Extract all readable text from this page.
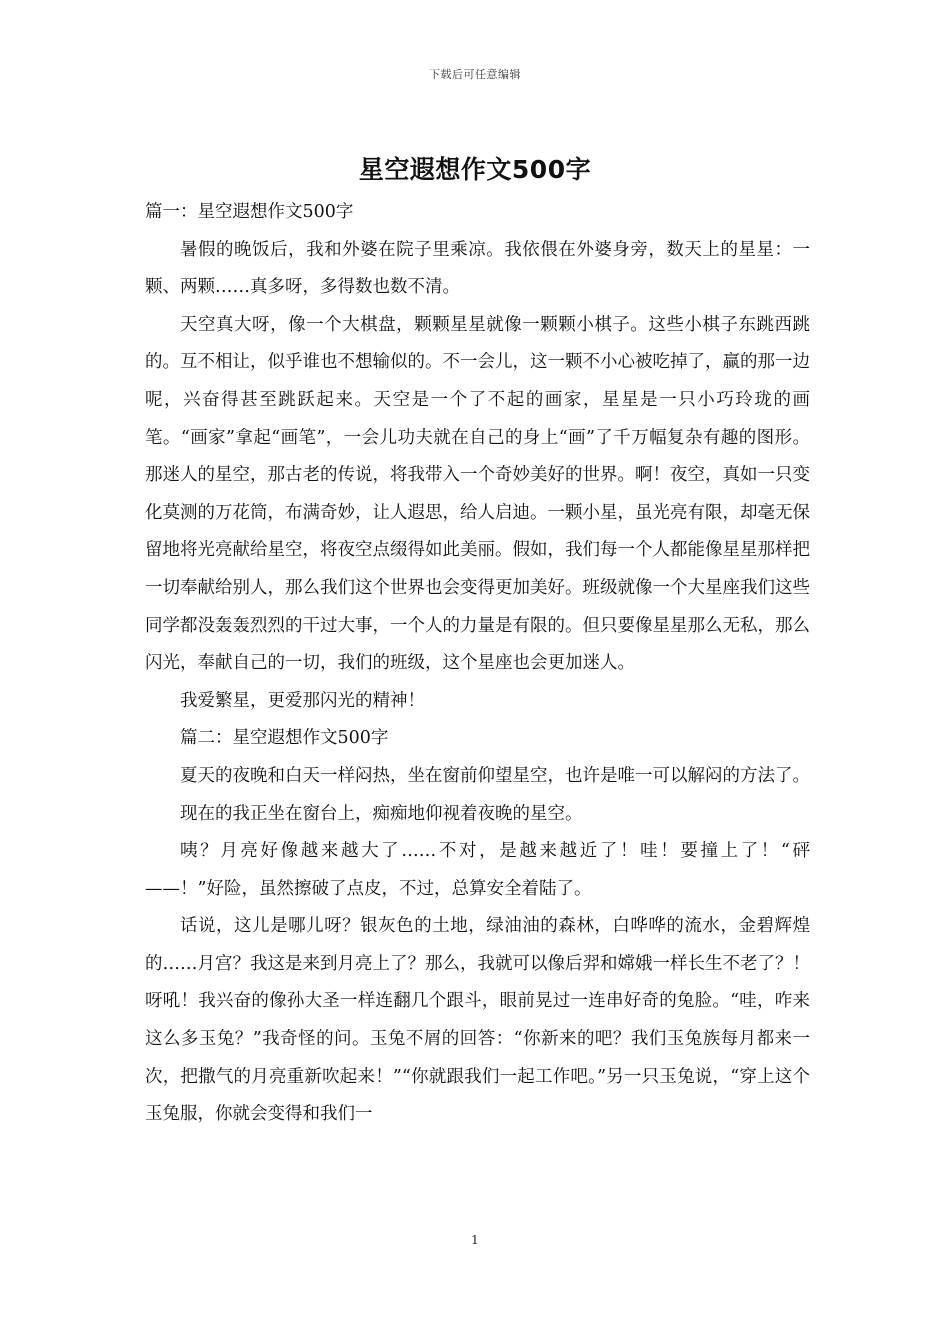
下载后可任意编辑
星空遐想作文500字

篇一：星空遐想作文500字

暑假的晚饭后，我和外婆在院子里乘凉。我依偎在外婆身旁，数天上的星星：一颗、两颗……真多呀，多得数也数不清。

天空真大呀，像一个大棋盘，颗颗星星就像一颗颗小棋子。这些小棋子东跳西跳的。互不相让，似乎谁也不想输似的。不一会儿，这一颗不小心被吃掉了，赢的那一边呢，兴奋得甚至跳跃起来。天空是一个了不起的画家，星星是一只小巧玲珑的画笔。“画家”拿起“画笔”，一会儿功夫就在自己的身上“画”了千万幅复杂有趣的图形。那迷人的星空，那古老的传说，将我带入一个奇妙美好的世界。啊！夜空，真如一只变化莫测的万花筒，布满奇妙，让人遐思，给人启迪。一颗小星，虽光亮有限，却毫无保留地将光亮献给星空，将夜空点缀得如此美丽。假如，我们每一个人都能像星星那样把一切奉献给别人，那么我们这个世界也会变得更加美好。班级就像一个大星座我们这些同学都没轰轰烈烈的干过大事，一个人的力量是有限的。但只要像星星那么无私，那么闪光，奉献自己的一切，我们的班级，这个星座也会更加迷人。

我爱繁星，更爱那闪光的精神！

篇二：星空遐想作文500字

夏天的夜晚和白天一样闷热，坐在窗前仰望星空，也许是唯一可以解闷的方法了。

现在的我正坐在窗台上，痴痴地仰视着夜晚的星空。

咦？月亮好像越来越大了……不对，是越来越近了！哇！要撞上了！“砰——！”好险，虽然擦破了点皮，不过，总算安全着陆了。

话说，这儿是哪儿呀？银灰色的土地，绿油油的森林，白哗哗的流水，金碧辉煌的……月宫？我这是来到月亮上了？那么，我就可以像后羿和嫦娥一样长生不老了？！呀吼！我兴奋的像孙大圣一样连翻几个跟斗，眼前晃过一连串好奇的兔脸。“哇，咋来这么多玉兔？”我奇怪的问。玉兔不屑的回答：“你新来的吧？我们玉兔族每月都来一次，把撒气的月亮重新吹起来！”“你就跟我们一起工作吧。”另一只玉兔说，“穿上这个玉兔服，你就会变得和我们一

1
